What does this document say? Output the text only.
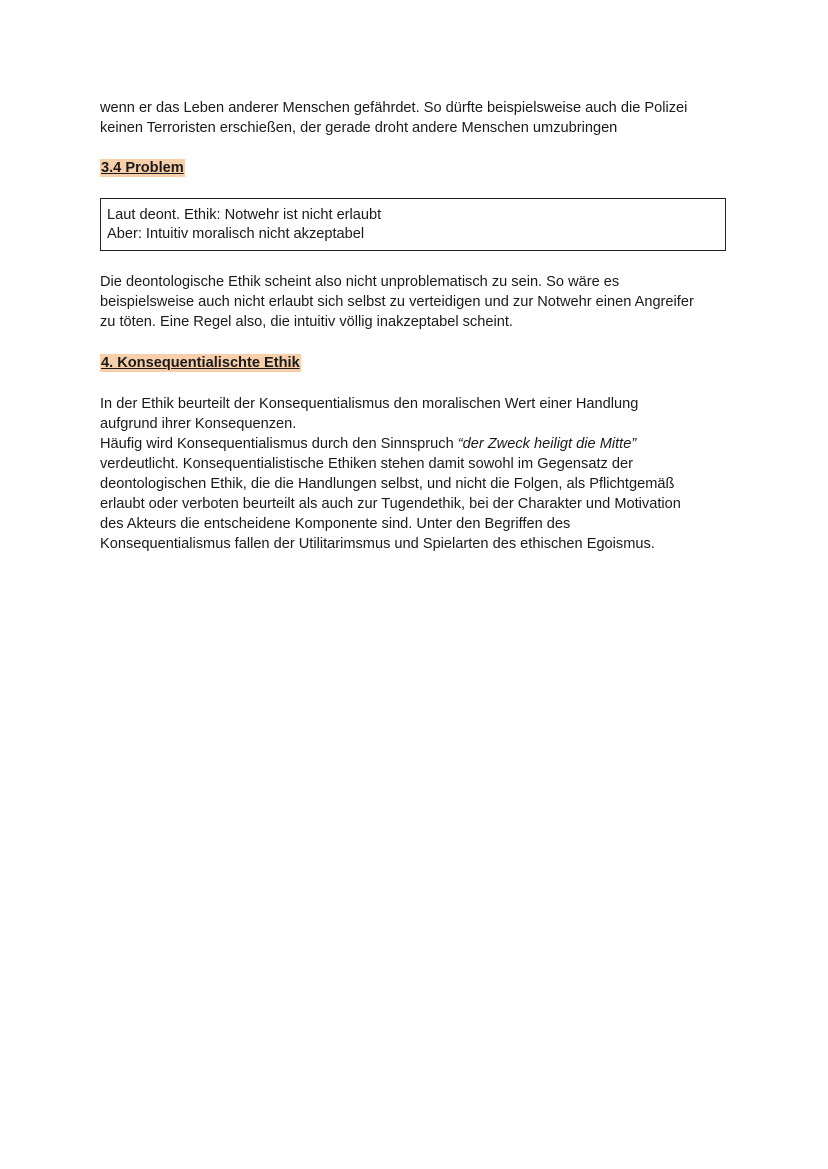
wenn er das Leben anderer Menschen gefährdet. So dürfte beispielsweise auch die Polizei
keinen Terroristen erschießen, der gerade droht andere Menschen umzubringen

3.4 Problem
Laut deont. Ethik: Notwehr ist nicht erlaubt
Aber: Intuitiv moralisch nicht akzeptabel

Die deontologische Ethik scheint also nicht unproblematisch zu sein. So wäre es
beispielsweise auch nicht erlaubt sich selbst zu verteidigen und zur Notwehr einen Angreifer
zu töten. Eine Regel also, die intuitiv völlig inakzeptabel scheint.

4. Konsequentialischte Ethik

In der Ethik beurteilt der Konsequentialismus den moralischen Wert einer Handlung
aufgrund ihrer Konsequenzen.
Häufig wird Konsequentialismus durch den Sinnspruch “der Zweck heiligt die Mitte”
verdeutlicht. Konsequentialistische Ethiken stehen damit sowohl im Gegensatz der
deontologischen Ethik, die die Handlungen selbst, und nicht die Folgen, als Pflichtgemäß
erlaubt oder verboten beurteilt als auch zur Tugendethik, bei der Charakter und Motivation
des Akteurs die entscheidene Komponente sind. Unter den Begriffen des
Konsequentialismus fallen der Utilitarimsmus und Spielarten des ethischen Egoismus.
